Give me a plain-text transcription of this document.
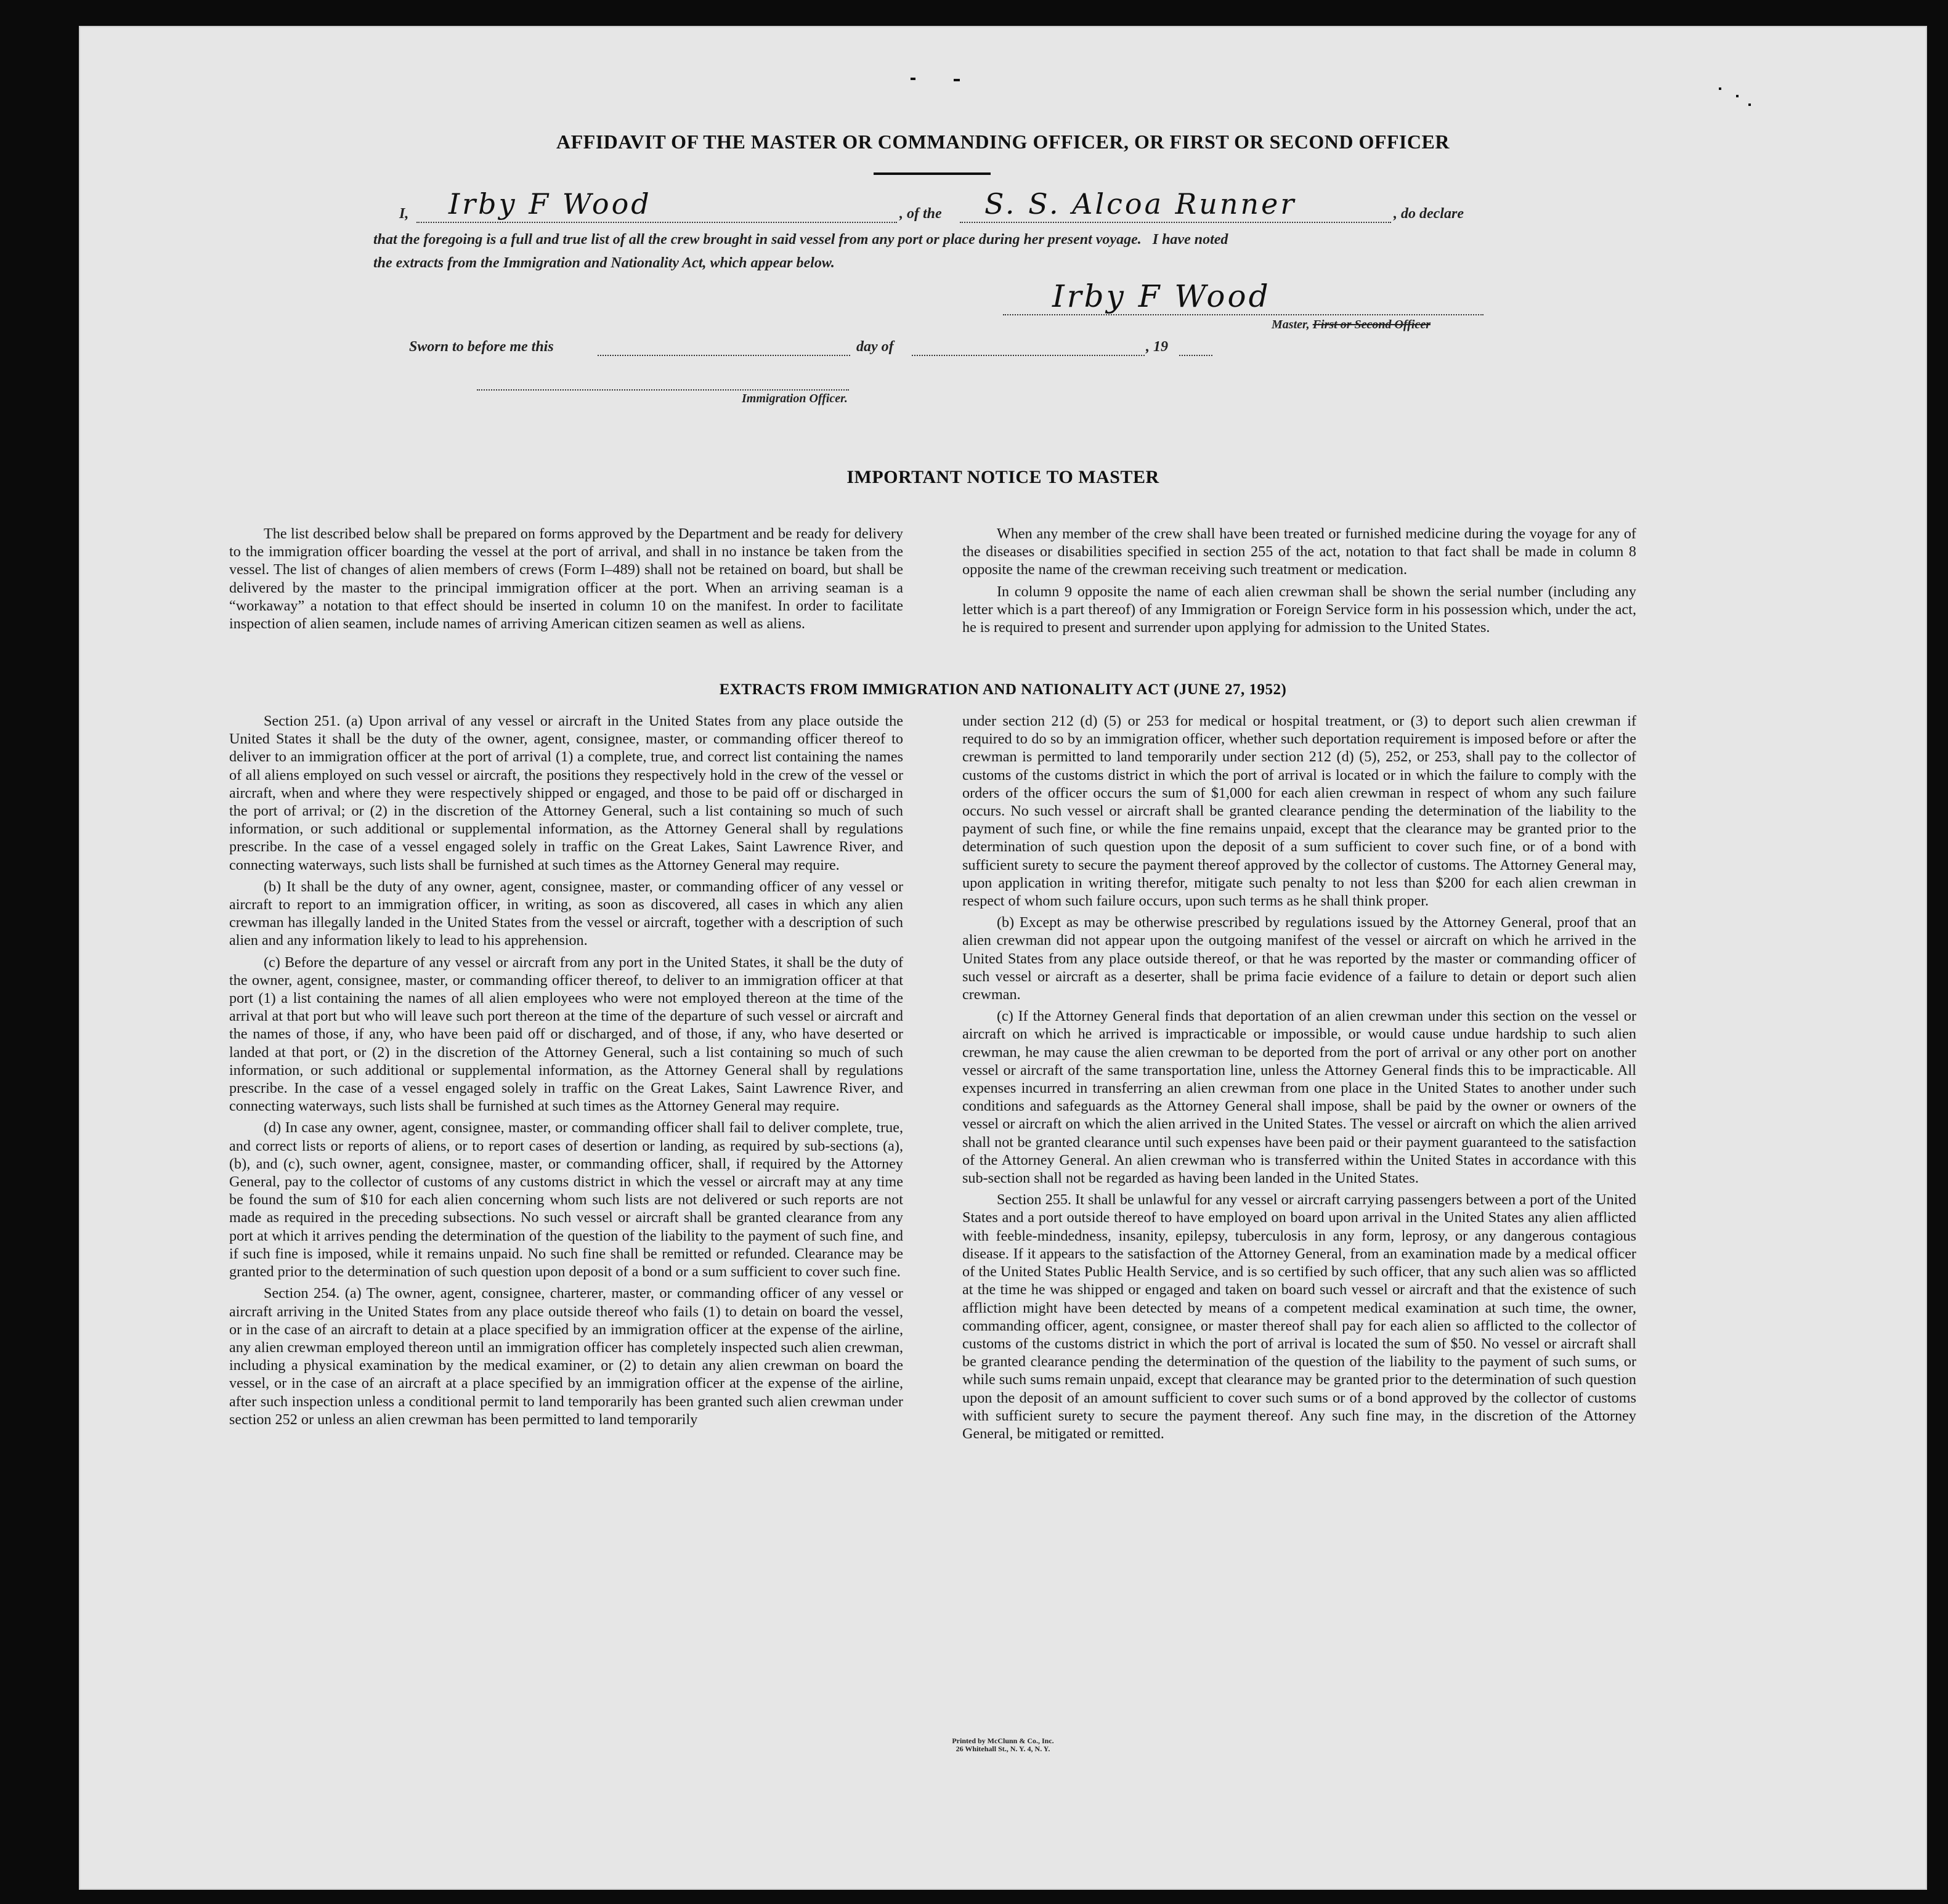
AFFIDAVIT OF THE MASTER OR COMMANDING OFFICER, OR FIRST OR SECOND OFFICER
I, Irby F Wood	, of the S. S. Alcoa Runner	, do declare
that the foregoing is a full and true list of all the crew brought in said vessel from any port or place during her present voyage.   I have noted
the extracts from the Immigration and Nationality Act, which appear below.
Irby F Wood
Master, First or Second Officer
Sworn to before me this	day of	, 19
Immigration Officer.
IMPORTANT NOTICE TO MASTER

The list described below shall be prepared on forms approved by the Department and be ready for delivery to the immigration officer boarding the vessel at the port of arrival, and shall in no instance be taken from the vessel. The list of changes of alien members of crews (Form I–489) shall not be retained on board, but shall be delivered by the master to the principal immigration officer at the port. When an arriving seaman is a “workaway” a notation to that effect should be inserted in column 10 on the manifest. In order to facilitate inspection of alien seamen, include names of arriving American citizen seamen as well as aliens.

When any member of the crew shall have been treated or furnished medicine during the voyage for any of the diseases or disabilities specified in section 255 of the act, notation to that fact shall be made in column 8 opposite the name of the crewman receiving such treatment or medication.

In column 9 opposite the name of each alien crewman shall be shown the serial number (including any letter which is a part thereof) of any Immigration or Foreign Service form in his possession which, under the act, he is required to present and surrender upon applying for admission to the United States.

EXTRACTS FROM IMMIGRATION AND NATIONALITY ACT (JUNE 27, 1952)

Section 251. (a) Upon arrival of any vessel or aircraft in the United States from any place outside the United States it shall be the duty of the owner, agent, consignee, master, or commanding officer thereof to deliver to an immigration officer at the port of arrival (1) a complete, true, and correct list containing the names of all aliens employed on such vessel or aircraft, the positions they respectively hold in the crew of the vessel or aircraft, when and where they were respectively shipped or engaged, and those to be paid off or discharged in the port of arrival; or (2) in the discretion of the Attorney General, such a list containing so much of such information, or such additional or supplemental information, as the Attorney General shall by regulations prescribe. In the case of a vessel engaged solely in traffic on the Great Lakes, Saint Lawrence River, and connecting waterways, such lists shall be furnished at such times as the Attorney General may require.

(b) It shall be the duty of any owner, agent, consignee, master, or commanding officer of any vessel or aircraft to report to an immigration officer, in writing, as soon as discovered, all cases in which any alien crewman has illegally landed in the United States from the vessel or aircraft, together with a description of such alien and any information likely to lead to his apprehension.

(c) Before the departure of any vessel or aircraft from any port in the United States, it shall be the duty of the owner, agent, consignee, master, or commanding officer thereof, to deliver to an immigration officer at that port (1) a list containing the names of all alien employees who were not employed thereon at the time of the arrival at that port but who will leave such port thereon at the time of the departure of such vessel or aircraft and the names of those, if any, who have been paid off or discharged, and of those, if any, who have deserted or landed at that port, or (2) in the discretion of the Attorney General, such a list containing so much of such information, or such additional or supplemental information, as the Attorney General shall by regulations prescribe. In the case of a vessel engaged solely in traffic on the Great Lakes, Saint Lawrence River, and connecting waterways, such lists shall be furnished at such times as the Attorney General may require.

(d) In case any owner, agent, consignee, master, or commanding officer shall fail to deliver complete, true, and correct lists or reports of aliens, or to report cases of desertion or landing, as required by sub-sections (a), (b), and (c), such owner, agent, consignee, master, or commanding officer, shall, if required by the Attorney General, pay to the collector of customs of any customs district in which the vessel or aircraft may at any time be found the sum of $10 for each alien concerning whom such lists are not delivered or such reports are not made as required in the preceding subsections. No such vessel or aircraft shall be granted clearance from any port at which it arrives pending the determination of the question of the liability to the payment of such fine, and if such fine is imposed, while it remains unpaid. No such fine shall be remitted or refunded. Clearance may be granted prior to the determination of such question upon deposit of a bond or a sum sufficient to cover such fine.

Section 254. (a) The owner, agent, consignee, charterer, master, or commanding officer of any vessel or aircraft arriving in the United States from any place outside thereof who fails (1) to detain on board the vessel, or in the case of an aircraft to detain at a place specified by an immigration officer at the expense of the airline, any alien crewman employed thereon until an immigration officer has completely inspected such alien crewman, including a physical examination by the medical examiner, or (2) to detain any alien crewman on board the vessel, or in the case of an aircraft at a place specified by an immigration officer at the expense of the airline, after such inspection unless a conditional permit to land temporarily has been granted such alien crewman under section 252 or unless an alien crewman has been permitted to land temporarily

under section 212 (d) (5) or 253 for medical or hospital treatment, or (3) to deport such alien crewman if required to do so by an immigration officer, whether such deportation requirement is imposed before or after the crewman is permitted to land temporarily under section 212 (d) (5), 252, or 253, shall pay to the collector of customs of the customs district in which the port of arrival is located or in which the failure to comply with the orders of the officer occurs the sum of $1,000 for each alien crewman in respect of whom any such failure occurs. No such vessel or aircraft shall be granted clearance pending the determination of the liability to the payment of such fine, or while the fine remains unpaid, except that the clearance may be granted prior to the determination of such question upon the deposit of a sum sufficient to cover such fine, or of a bond with sufficient surety to secure the payment thereof approved by the collector of customs. The Attorney General may, upon application in writing therefor, mitigate such penalty to not less than $200 for each alien crewman in respect of whom such failure occurs, upon such terms as he shall think proper.

(b) Except as may be otherwise prescribed by regulations issued by the Attorney General, proof that an alien crewman did not appear upon the outgoing manifest of the vessel or aircraft on which he arrived in the United States from any place outside thereof, or that he was reported by the master or commanding officer of such vessel or aircraft as a deserter, shall be prima facie evidence of a failure to detain or deport such alien crewman.

(c) If the Attorney General finds that deportation of an alien crewman under this section on the vessel or aircraft on which he arrived is impracticable or impossible, or would cause undue hardship to such alien crewman, he may cause the alien crewman to be deported from the port of arrival or any other port on another vessel or aircraft of the same transportation line, unless the Attorney General finds this to be impracticable. All expenses incurred in transferring an alien crewman from one place in the United States to another under such conditions and safeguards as the Attorney General shall impose, shall be paid by the owner or owners of the vessel or aircraft on which the alien arrived in the United States. The vessel or aircraft on which the alien arrived shall not be granted clearance until such expenses have been paid or their payment guaranteed to the satisfaction of the Attorney General. An alien crewman who is transferred within the United States in accordance with this sub-section shall not be regarded as having been landed in the United States.

Section 255. It shall be unlawful for any vessel or aircraft carrying passengers between a port of the United States and a port outside thereof to have employed on board upon arrival in the United States any alien afflicted with feeble-mindedness, insanity, epilepsy, tuberculosis in any form, leprosy, or any dangerous contagious disease. If it appears to the satisfaction of the Attorney General, from an examination made by a medical officer of the United States Public Health Service, and is so certified by such officer, that any such alien was so afflicted at the time he was shipped or engaged and taken on board such vessel or aircraft and that the existence of such affliction might have been detected by means of a competent medical examination at such time, the owner, commanding officer, agent, consignee, or master thereof shall pay for each alien so afflicted to the collector of customs of the customs district in which the port of arrival is located the sum of $50. No vessel or aircraft shall be granted clearance pending the determination of the question of the liability to the payment of such sums, or while such sums remain unpaid, except that clearance may be granted prior to the determination of such question upon the deposit of an amount sufficient to cover such sums or of a bond approved by the collector of customs with sufficient surety to secure the payment thereof. Any such fine may, in the discretion of the Attorney General, be mitigated or remitted.

Printed by McClunn & Co., Inc.
26 Whitehall St., N. Y. 4, N. Y.
